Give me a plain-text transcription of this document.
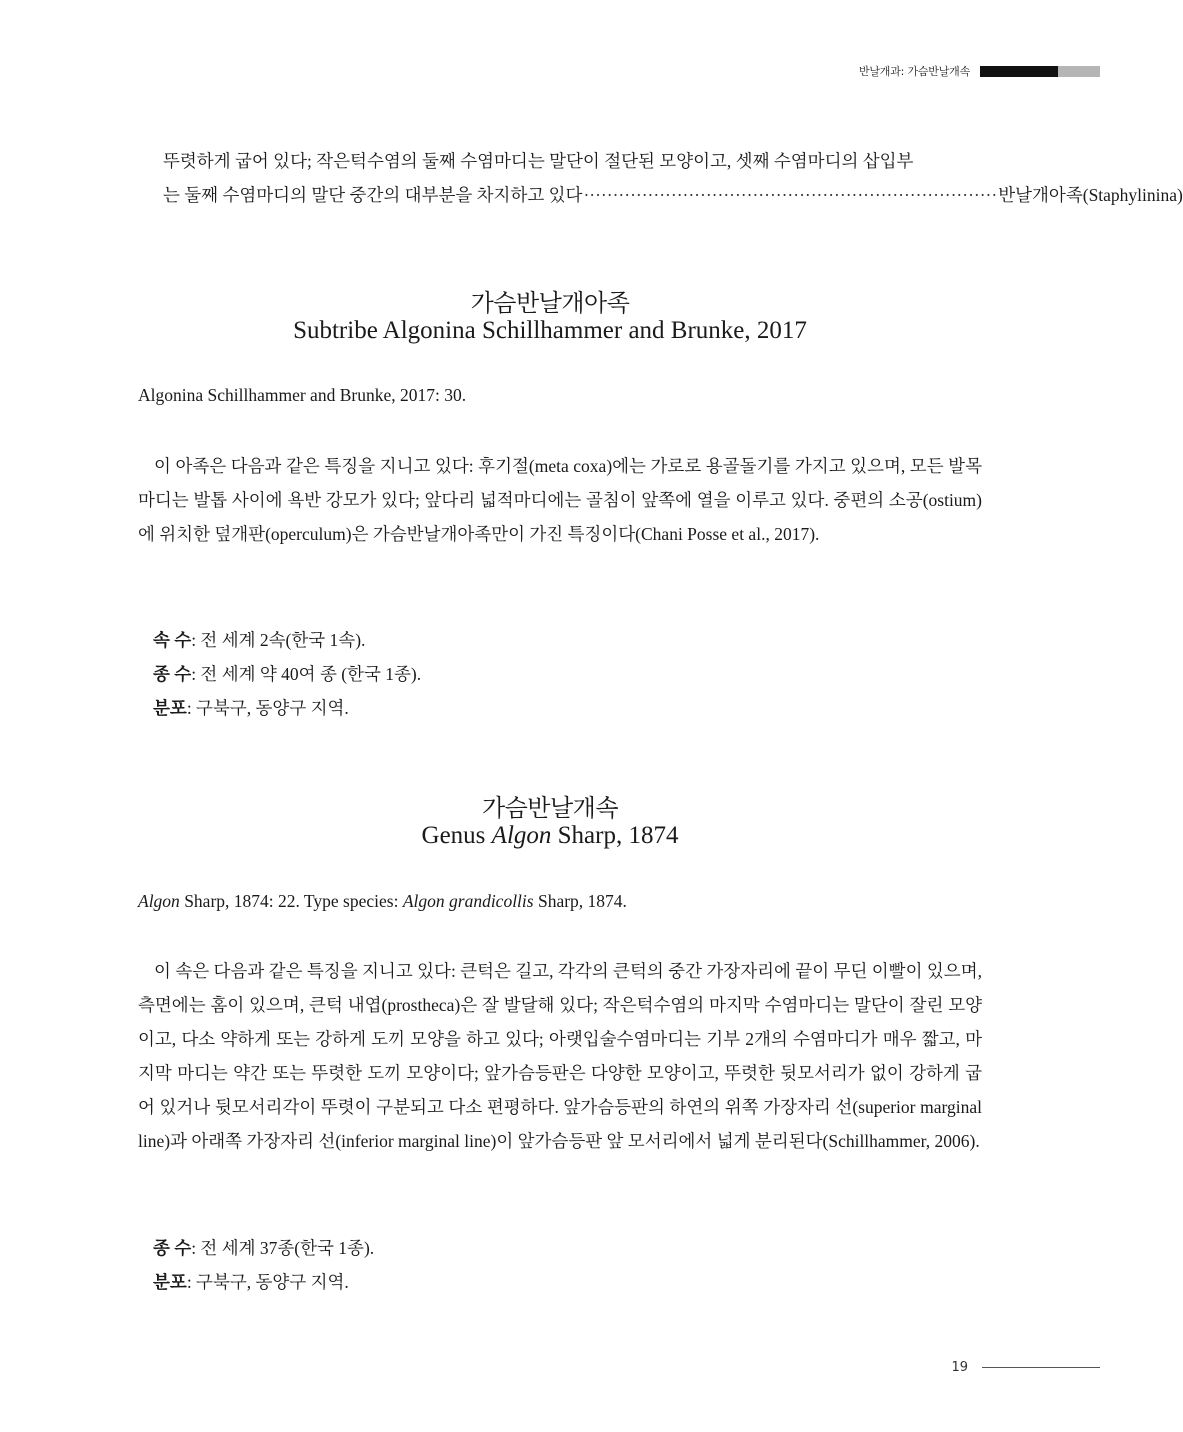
반날개과: 가슴반날개속
뚜렷하게 굽어 있다; 작은턱수염의 둘째 수염마디는 말단이 절단된 모양이고, 셋째 수염마디의 삽입부
는 둘째 수염마디의 말단 중간의 대부분을 차지하고 있다 ······································································· 반날개아족(Staphylinina)
가슴반날개아족
Subtribe Algonina Schillhammer and Brunke, 2017
Algonina Schillhammer and Brunke, 2017: 30.
이 아족은 다음과 같은 특징을 지니고 있다: 후기절(meta coxa)에는 가로로 용골돌기를 가지고 있으며, 모든 발목마디는 발톱 사이에 욕반 강모가 있다; 앞다리 넓적마디에는 골침이 앞쪽에 열을 이루고 있다. 중편의 소공(ostium)에 위치한 덮개판(operculum)은 가슴반날개아족만이 가진 특징이다(Chani Posse et al., 2017).
속 수: 전 세계 2속(한국 1속).
종 수: 전 세계 약 40여 종 (한국 1종).
분포: 구북구, 동양구 지역.
가슴반날개속
Genus Algon Sharp, 1874
Algon Sharp, 1874: 22. Type species: Algon grandicollis Sharp, 1874.
이 속은 다음과 같은 특징을 지니고 있다: 큰턱은 길고, 각각의 큰턱의 중간 가장자리에 끝이 무딘 이빨이 있으며, 측면에는 홈이 있으며, 큰턱 내엽(prostheca)은 잘 발달해 있다; 작은턱수염의 마지막 수염마디는 말단이 잘린 모양이고, 다소 약하게 또는 강하게 도끼 모양을 하고 있다; 아랫입술수염마디는 기부 2개의 수염마디가 매우 짧고, 마지막 마디는 약간 또는 뚜렷한 도끼 모양이다; 앞가슴등판은 다양한 모양이고, 뚜렷한 뒷모서리가 없이 강하게 굽어 있거나 뒷모서리각이 뚜렷이 구분되고 다소 편평하다. 앞가슴등판의 하연의 위쪽 가장자리 선(superior marginal line)과 아래쪽 가장자리 선(inferior marginal line)이 앞가슴등판 앞 모서리에서 넓게 분리된다(Schillhammer, 2006).
종 수: 전 세계 37종(한국 1종).
분포: 구북구, 동양구 지역.
19
